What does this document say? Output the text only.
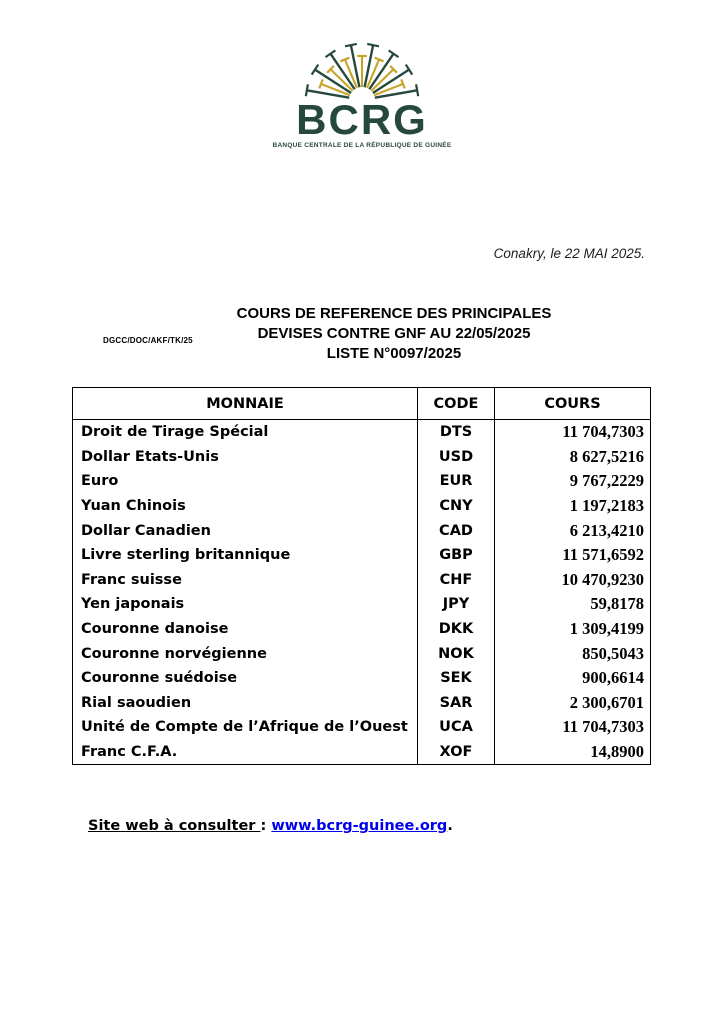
BCRG
BANQUE CENTRALE DE LA RÉPUBLIQUE DE GUINÉE
Conakry, le 22 MAI 2025.
COURS DE REFERENCE DES PRINCIPALES
DEVISES CONTRE GNF AU 22/05/2025
LISTE N°0097/2025
DGCC/DOC/AKF/TK/25
MONNAIE	CODE	COURS
Droit de Tirage Spécial	DTS	11 704,7303
Dollar Etats-Unis	USD	8 627,5216
Euro	EUR	9 767,2229
Yuan Chinois	CNY	1 197,2183
Dollar Canadien	CAD	6 213,4210
Livre sterling britannique	GBP	11 571,6592
Franc suisse	CHF	10 470,9230
Yen japonais	JPY	59,8178
Couronne danoise	DKK	1 309,4199
Couronne norvégienne	NOK	850,5043
Couronne suédoise	SEK	900,6614
Rial saoudien	SAR	2 300,6701
Unité de Compte de l’Afrique de l’Ouest	UCA	11 704,7303
Franc C.F.A.	XOF	14,8900
Site web à consulter : www.bcrg-guinee.org.
